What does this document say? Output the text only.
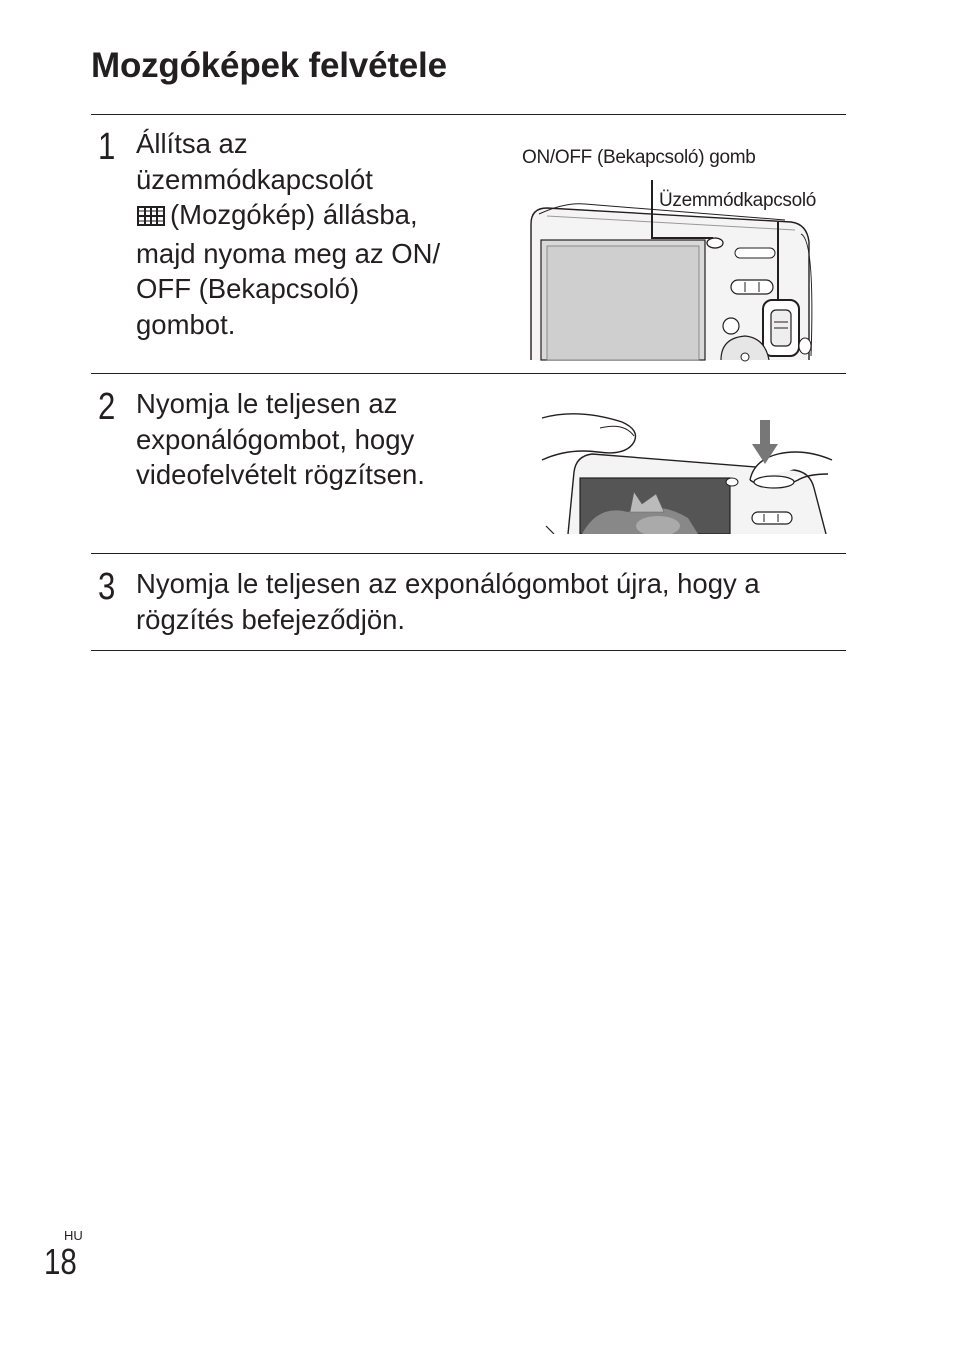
Mozgóképek felvétele
1 Állítsa az
üzemmódkapcsolót
(Mozgókép) állásba,
majd nyoma meg az ON/
OFF (Bekapcsoló)
gombot.
ON/OFF (Bekapcsoló) gomb
Üzemmódkapcsoló
2 Nyomja le teljesen az
exponálógombot, hogy
videofelvételt rögzítsen.
3 Nyomja le teljesen az exponálógombot újra, hogy a
rögzítés befejeződjön.
HU
18
